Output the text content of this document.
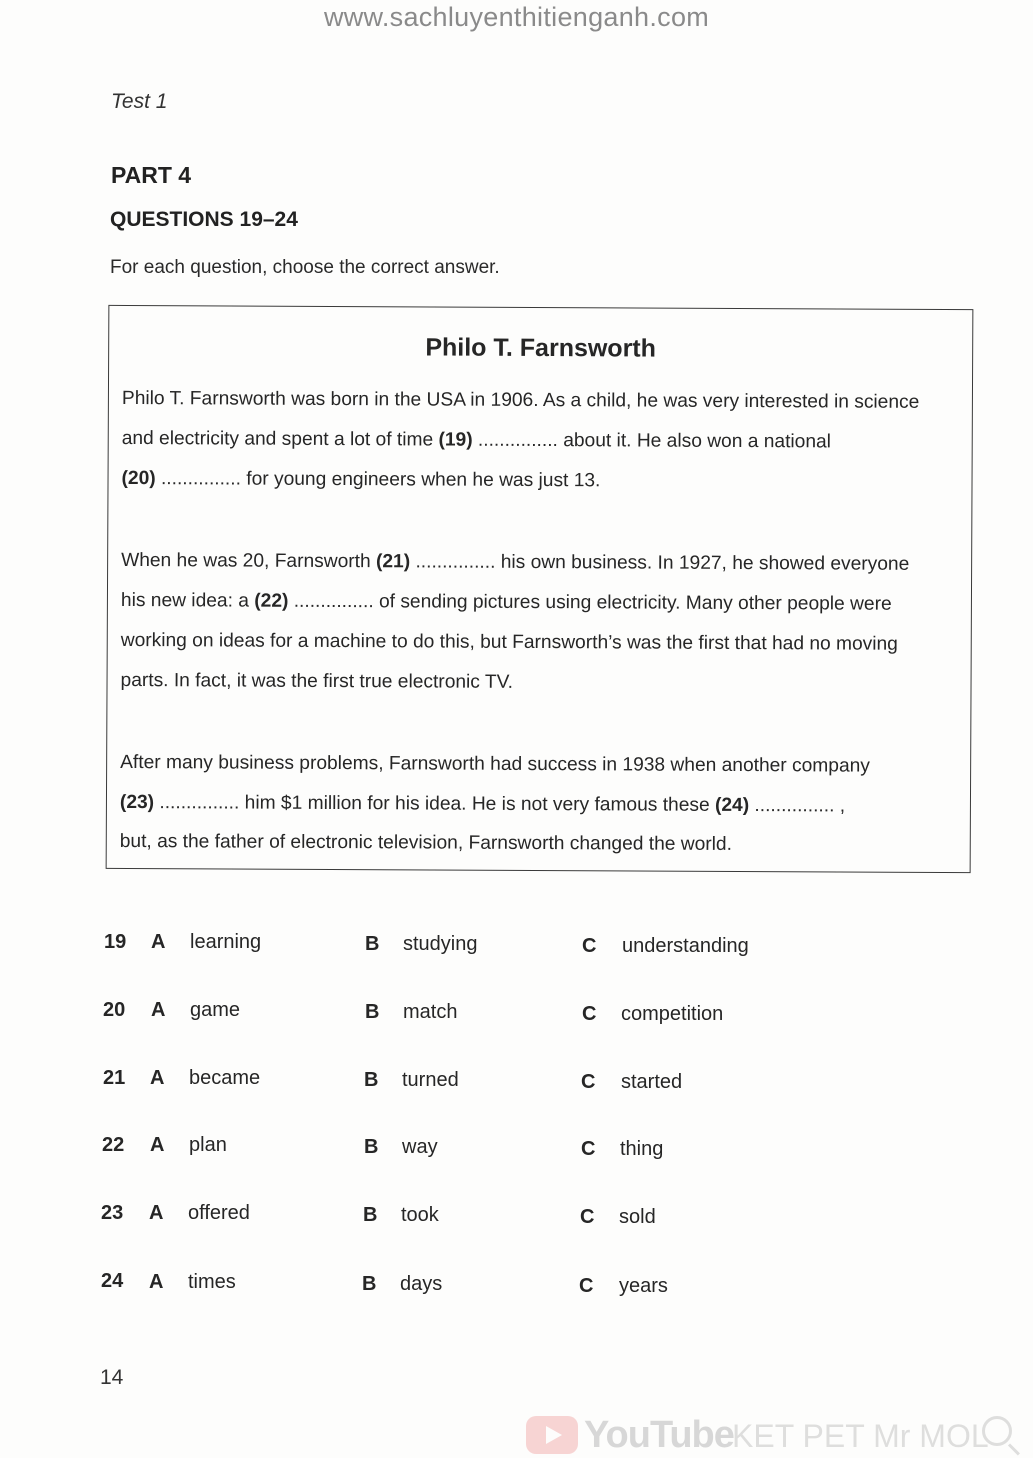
www.sachluyenthitienganh.com
Test 1
PART 4
QUESTIONS 19–24
For each question, choose the correct answer.
Philo T. Farnsworth
Philo T. Farnsworth was born in the USA in 1906. As a child, he was very interested in science
and electricity and spent a lot of time (19) ............... about it. He also won a national
(20) ............... for young engineers when he was just 13.
When he was 20, Farnsworth (21) ............... his own business. In 1927, he showed everyone
his new idea: a (22) ............... of sending pictures using electricity. Many other people were
working on ideas for a machine to do this, but Farnsworth’s was the first that had no moving
parts. In fact, it was the first true electronic TV.
After many business problems, Farnsworth had success in 1938 when another company
(23) ............... him $1 million for his idea. He is not very famous these (24) ............... ,
but, as the father of electronic television, Farnsworth changed the world.
19 A learning	B studying	C understanding
20 A game	B match	C competition
21 A became	B turned	C started
22 A plan	B way	C thing
23 A offered	B took	C sold
24 A times	B days	C years
14
YouTube
KET PET Mr MOL
